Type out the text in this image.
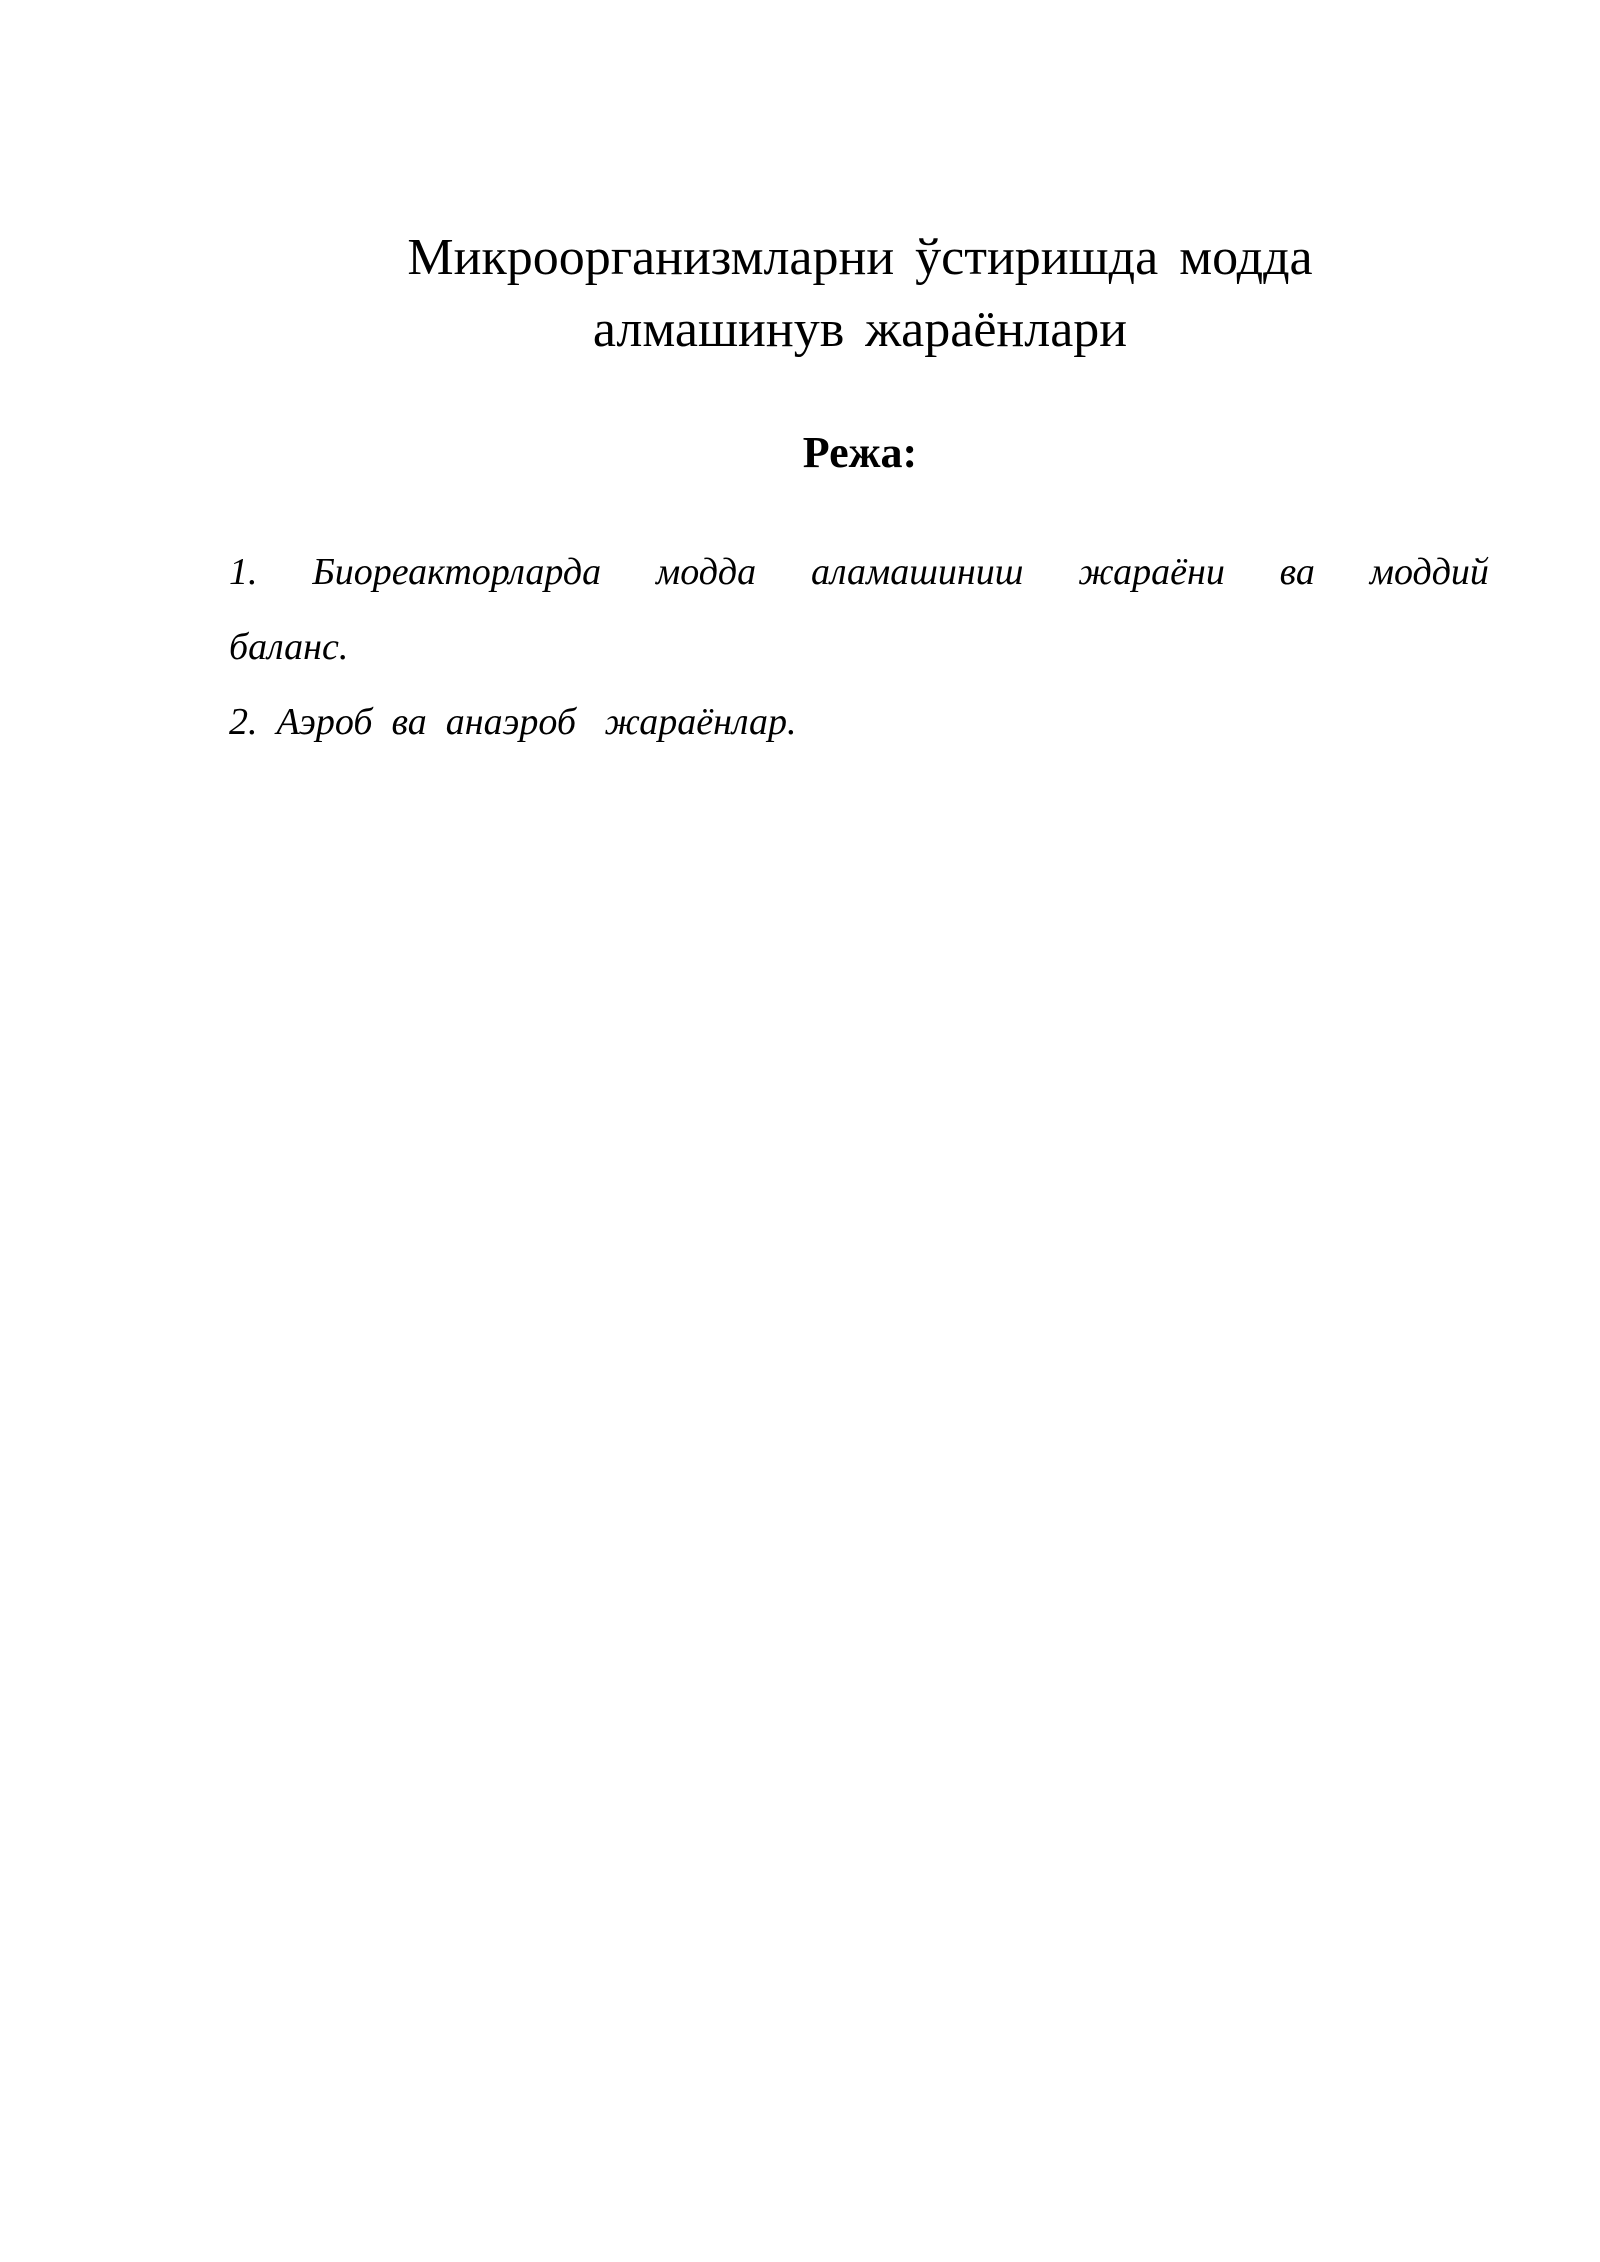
Микроорганизмларни ўстиришда модда
алмашинув жараёнлари
Режа:
1. Биореакторларда модда аламашиниш жараёни ва моддий
баланс.
2.  Аэроб  ва  анаэроб   жараёнлар.
